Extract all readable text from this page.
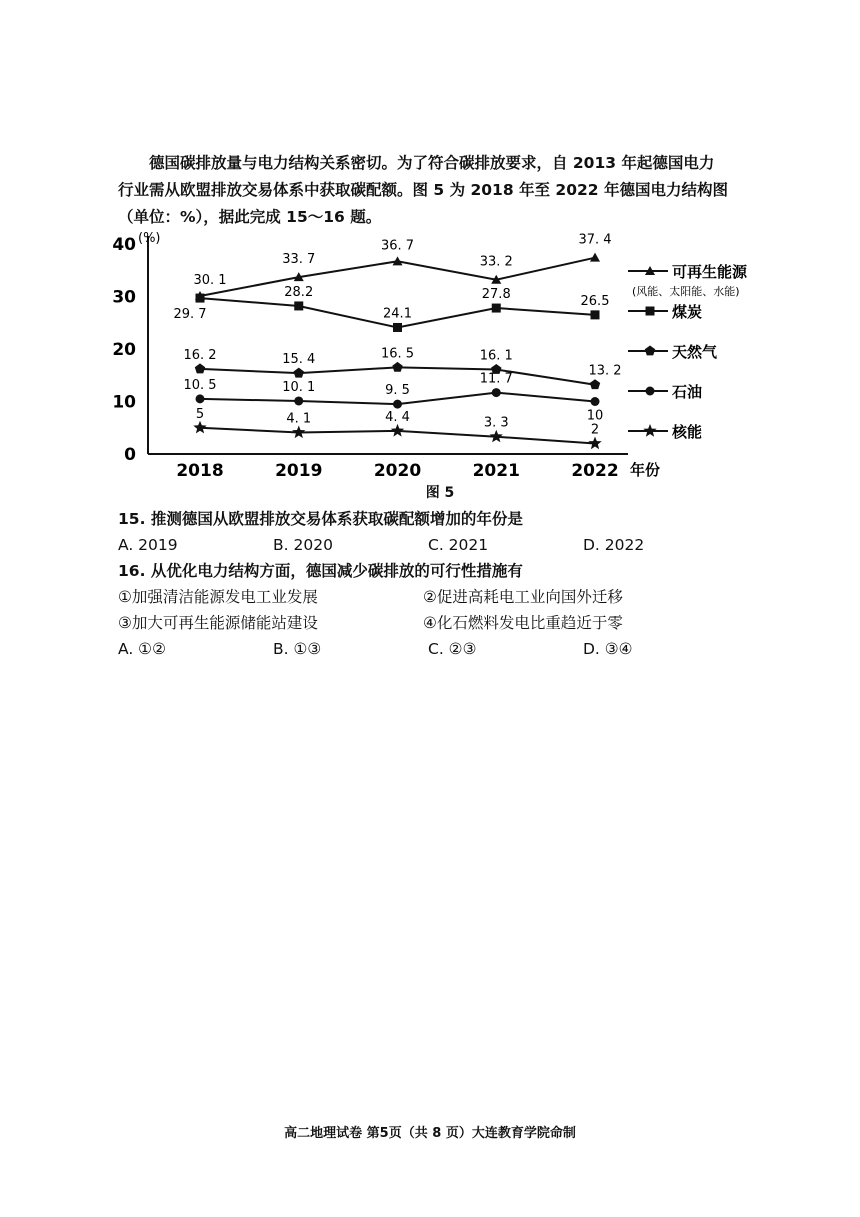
德国碳排放量与电力结构关系密切。为了符合碳排放要求，自 2013 年起德国电力

行业需从欧盟排放交易体系中获取碳配额。图 5 为 2018 年至 2022 年德国电力结构图
（单位：%），据此完成 15～16 题。
0
10
20
30
40 (%)
2018	2019	2020	2021	2022 年份
30. 1
33. 7
36. 7
33. 2
37. 4
可再生能源
(风能、太阳能、水能)
29. 7
28.2
24.1
27.8	26.5
煤炭
16. 2	15. 4	16. 5	16. 1
13. 2
天然气
10. 5	10. 1	9. 5
11. 7
10
石油
5	4. 1	4. 4	3. 3	2	核能
图 5

15. 推测德国从欧盟排放交易体系获取碳配额增加的年份是

A. 2019	B. 2020	C. 2021	D. 2022

16. 从优化电力结构方面，德国减少碳排放的可行性措施有

①加强清洁能源发电工业发展	②促进高耗电工业向国外迁移
③加大可再生能源储能站建设	④化石燃料发电比重趋近于零
A. ①②	B. ①③	C. ②③	D. ③④
高二地理试卷 第5页（共 8 页）大连教育学院命制
